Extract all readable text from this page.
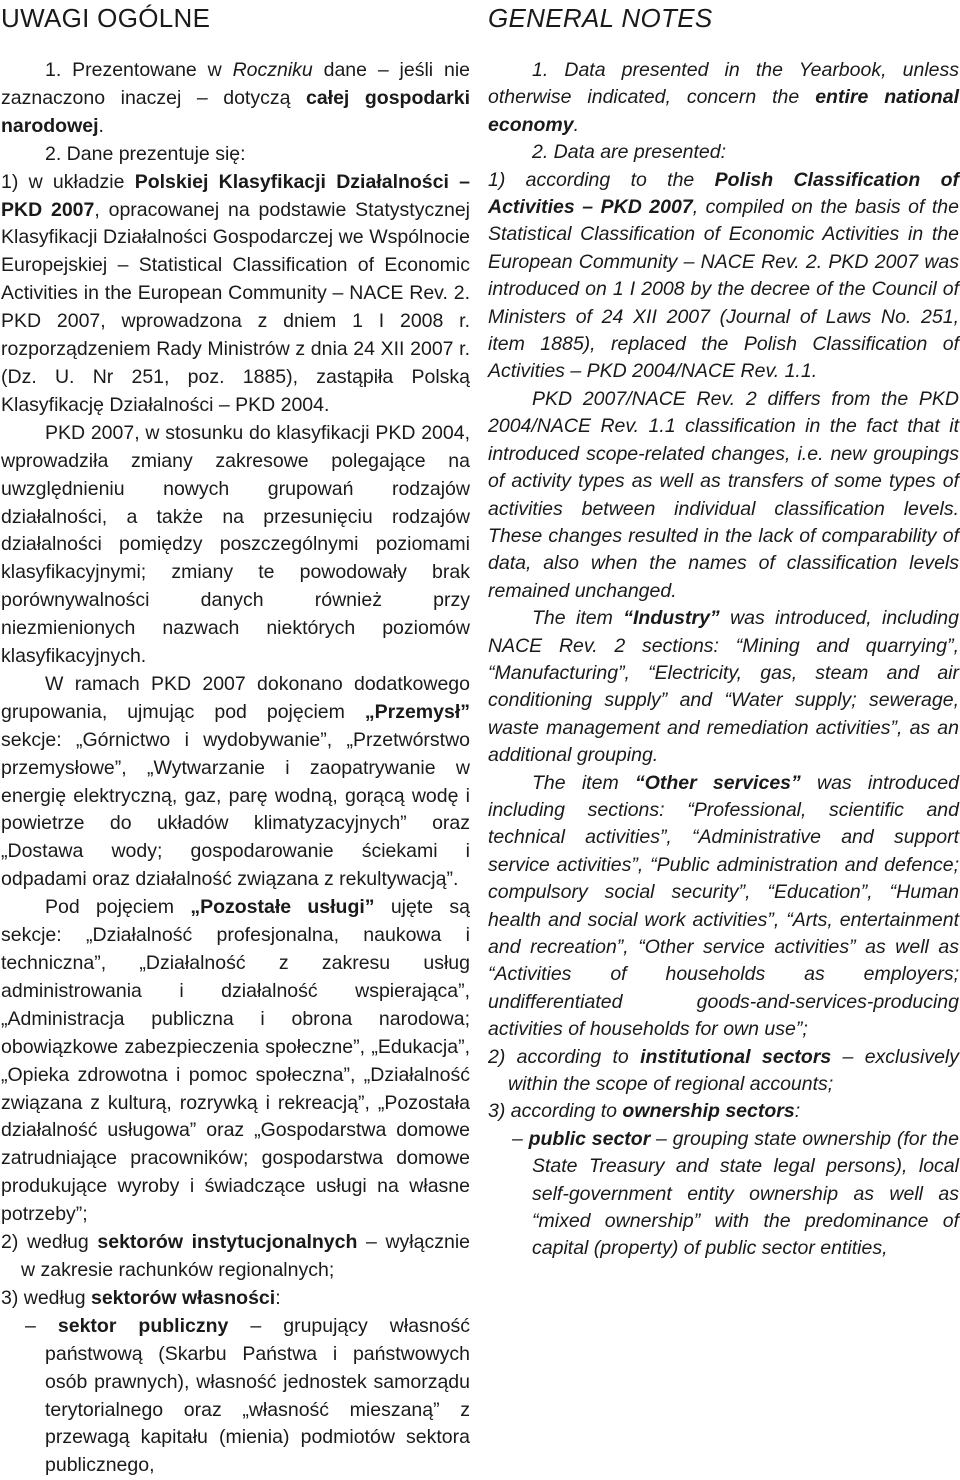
UWAGI OGÓLNE

1. Prezentowane w Roczniku dane – jeśli nie zaznaczono inaczej – dotyczą całej gospodarki narodowej.

2. Dane prezentuje się:

1) w układzie Polskiej Klasyfikacji Działalności – PKD 2007, opracowanej na podstawie Statystycznej Klasyfikacji Działalności Gospodarczej we Wspólnocie Europejskiej – Statistical Classification of Economic Activities in the European Community – NACE Rev. 2. PKD 2007, wprowadzona z dniem 1 I 2008 r. rozporządzeniem Rady Ministrów z dnia 24 XII 2007 r. (Dz. U. Nr 251, poz. 1885), zastąpiła Polską Klasyfikację Działalności – PKD 2004.

PKD 2007, w stosunku do klasyfikacji PKD 2004, wprowadziła zmiany zakresowe polegające na uwzględnieniu nowych grupowań rodzajów działalności, a także na przesunięciu rodzajów działalności pomiędzy poszczególnymi poziomami klasyfikacyjnymi; zmiany te powodowały brak porównywalności danych również przy niezmienionych nazwach niektórych poziomów klasyfikacyjnych.

W ramach PKD 2007 dokonano dodatkowego grupowania, ujmując pod pojęciem „Przemysł” sekcje: „Górnictwo i wydobywanie”, „Przetwórstwo przemysłowe”, „Wytwarzanie i zaopatrywanie w energię elektryczną, gaz, parę wodną, gorącą wodę i powietrze do układów klimatyzacyjnych” oraz „Dostawa wody; gospodarowanie ściekami i odpadami oraz działalność związana z rekultywacją”.

Pod pojęciem „Pozostałe usługi” ujęte są sekcje: „Działalność profesjonalna, naukowa i techniczna”, „Działalność z zakresu usług administrowania i działalność wspierająca”, „Administracja publiczna i obrona narodowa; obowiązkowe zabezpieczenia społeczne”, „Edukacja”, „Opieka zdrowotna i pomoc społeczna”, „Działalność związana z kulturą, rozrywką i rekreacją”, „Pozostała działalność usługowa” oraz „Gospodarstwa domowe zatrudniające pracowników; gospodarstwa domowe produkujące wyroby i świadczące usługi na własne potrzeby”;

2) według sektorów instytucjonalnych – wyłącznie w zakresie rachunków regionalnych;

3) według sektorów własności:

– sektor publiczny – grupujący własność państwową (Skarbu Państwa i państwowych osób prawnych), własność jednostek samorządu terytorialnego oraz „własność mieszaną” z przewagą kapitału (mienia) podmiotów sektora publicznego,

GENERAL NOTES

1. Data presented in the Yearbook, unless otherwise indicated, concern the entire national economy.

2. Data are presented:

1) according to the Polish Classification of Activities – PKD 2007, compiled on the basis of the Statistical Classification of Economic Activities in the European Community – NACE Rev. 2. PKD 2007 was introduced on 1 I 2008 by the decree of the Council of Ministers of 24 XII 2007 (Journal of Laws No. 251, item 1885), replaced the Polish Classification of Activities – PKD 2004/NACE Rev. 1.1.

PKD 2007/NACE Rev. 2 differs from the PKD 2004/NACE Rev. 1.1 classification in the fact that it introduced scope-related changes, i.e. new groupings of activity types as well as transfers of some types of activities between individual classification levels. These changes resulted in the lack of comparability of data, also when the names of classification levels remained unchanged.

The item “Industry” was introduced, including NACE Rev. 2 sections: “Mining and quarrying”, “Manufacturing”, “Electricity, gas, steam and air conditioning supply” and “Water supply; sewerage, waste management and remediation activities”, as an additional grouping.

The item “Other services” was introduced including sections: “Professional, scientific and technical activities”, “Administrative and support service activities”, “Public administration and defence; compulsory social security”, “Education”, “Human health and social work activities”, “Arts, entertainment and recreation”, “Other service activities” as well as “Activities of households as employers; undifferentiated goods-and-services-producing activities of households for own use”;

2) according to institutional sectors – exclusively within the scope of regional accounts;

3) according to ownership sectors:

– public sector – grouping state ownership (for the State Treasury and state legal persons), local self-government entity ownership as well as “mixed ownership” with the predominance of capital (property) of public sector entities,
